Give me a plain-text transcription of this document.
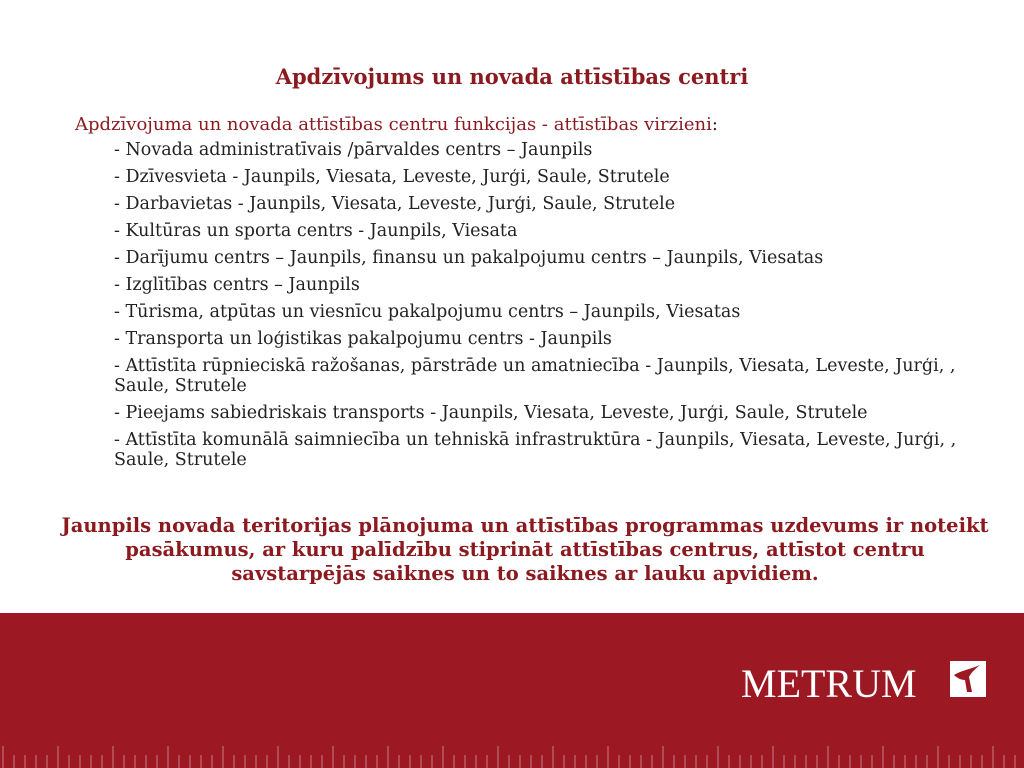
Apdzīvojums un novada attīstības centri
Apdzīvojuma un novada attīstības centru funkcijas - attīstības virzieni:
- Novada administratīvais /pārvaldes centrs – Jaunpils
- Dzīvesvieta - Jaunpils, Viesata, Leveste, Jurģi, Saule, Strutele
- Darbavietas - Jaunpils, Viesata, Leveste, Jurģi, Saule, Strutele
- Kultūras un sporta centrs - Jaunpils, Viesata
- Darījumu centrs – Jaunpils, finansu un pakalpojumu centrs – Jaunpils, Viesatas
- Izglītības centrs – Jaunpils
- Tūrisma, atpūtas un viesnīcu pakalpojumu centrs – Jaunpils, Viesatas
- Transporta un loģistikas pakalpojumu centrs - Jaunpils
- Attīstīta rūpnieciskā ražošanas, pārstrāde un amatniecība - Jaunpils, Viesata, Leveste, Jurģi, , Saule, Strutele
- Pieejams sabiedriskais transports - Jaunpils, Viesata, Leveste, Jurģi, Saule, Strutele
- Attīstīta komunālā saimniecība un tehniskā infrastruktūra - Jaunpils, Viesata, Leveste, Jurģi, , Saule, Strutele
Jaunpils novada teritorijas plānojuma un attīstības programmas uzdevums ir noteikt pasākumus, ar kuru palīdzību stiprināt attīstības centrus, attīstot centru savstarpējās saiknes un to saiknes ar lauku apvidiem.
METRUM
